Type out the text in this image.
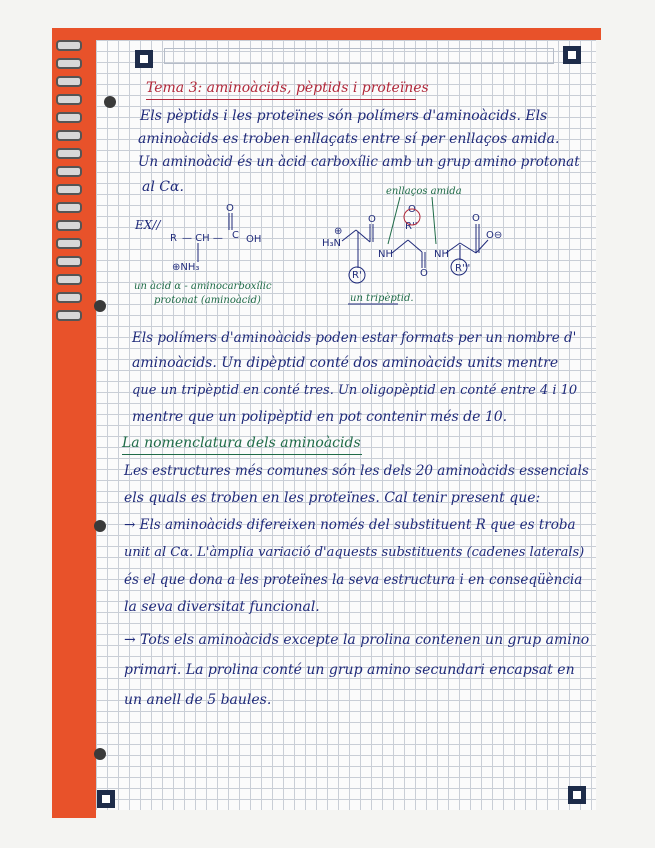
Tema 3: aminoàcids, pèptids i proteïnes
Els pèptids i les proteïnes són polímers d'aminoàcids. Els
aminoàcids es troben enllaçats entre sí per enllaços amida.
Un aminoàcid és un àcid carboxílic amb un grup amino protonat
al Cα.
EX//
R — CH —
O
C OH
⊕NH₃
un àcid α - aminocarboxílic
protonat (aminoàcid)
enllaços amida
H₃N
⊕
NH	NH
O
O
O
O
O⊖
R'
R''
R'''
un tripèptid.
Els polímers d'aminoàcids poden estar formats per un nombre d'
aminoàcids. Un dipèptid conté dos aminoàcids units mentre
que un tripèptid en conté tres. Un oligopèptid en conté entre 4 i 10
mentre que un polipèptid en pot contenir més de 10.
La nomenclatura dels aminoàcids
Les estructures més comunes són les dels 20 aminoàcids essencials
els quals es troben en les proteïnes. Cal tenir present que:
→ Els aminoàcids difereixen només del substituent R que es troba
unit al Cα. L'àmplia variació d'aquests substituents (cadenes laterals)
és el que dona a les proteïnes la seva estructura i en conseqüència
la seva diversitat funcional.
→ Tots els aminoàcids excepte la prolina contenen un grup amino
primari. La prolina conté un grup amino secundari encapsat en
un anell de 5 baules.
